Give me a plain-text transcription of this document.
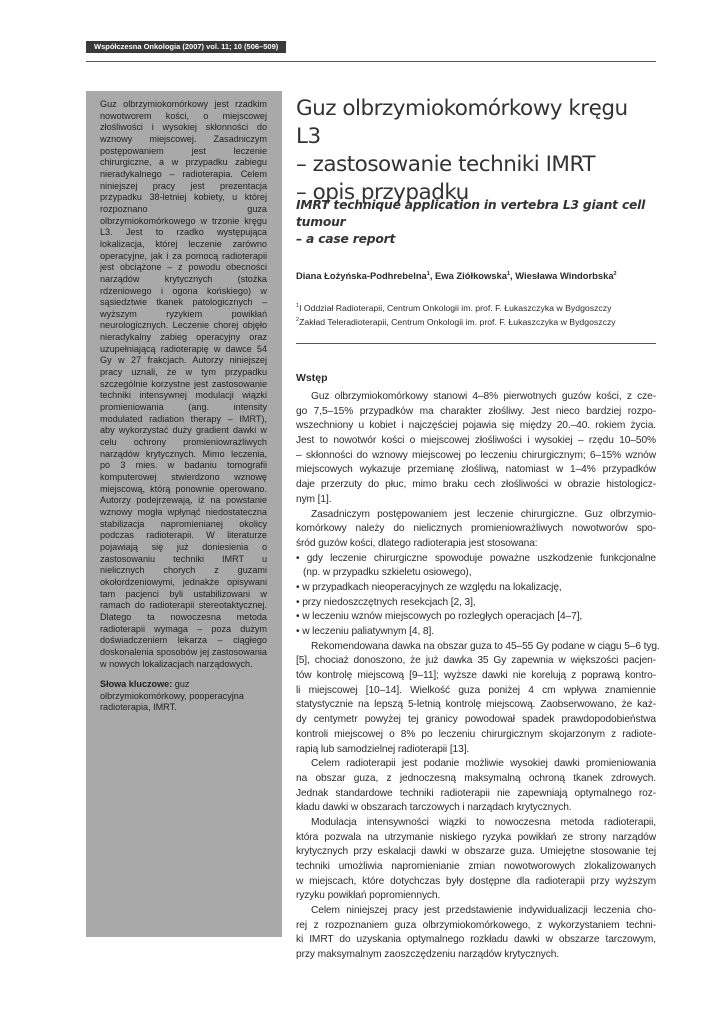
Współczesna Onkologia (2007) vol. 11; 10 (506–509)

Guz olbrzymiokomórkowy jest rzadkim nowotworem kości, o miejscowej złośliwości i wysokiej skłonności do wznowy miejscowej. Zasadniczym postępowaniem jest leczenie chirurgiczne, a w przypadku zabiegu nieradykalnego – radioterapia. Celem niniejszej pracy jest prezentacja przypadku 38-letniej kobiety, u której rozpoznano guza olbrzymiokomórkowego w trzonie kręgu L3. Jest to rzadko występująca lokalizacja, której leczenie zarówno operacyjne, jak i za pomocą radioterapii jest obciążone – z powodu obecności narządów krytycznych (stożka rdzeniowego i ogona końskiego) w sąsiedztwie tkanek patologicznych – wyższym ryzykiem powikłań neurologicznych. Leczenie chorej objęło nieradykalny zabieg operacyjny oraz uzupełniającą radioterapię w dawce 54 Gy w 27 frakcjach. Autorzy niniejszej pracy uznali, że w tym przypadku szczególnie korzystne jest zastosowanie techniki intensywnej modulacji wiązki promieniowania (ang. intensity modulated radiation therapy – IMRT), aby wykorzystać duży gradient dawki w celu ochrony promieniowrażliwych narządów krytycznych. Mimo leczenia, po 3 mies. w badaniu tomografii komputerowej stwierdzono wznowę miejscową, którą ponownie operowano. Autorzy podejrzewają, iż na powstanie wznowy mogła wpłynąć niedostateczna stabilizacja napromienianej okolicy podczas radioterapii. W literaturze pojawiają się już doniesienia o zastosowaniu techniki IMRT u nielicznych chorych z guzami okołordzeniowymi, jednakże opisywani tam pacjenci byli ustabilizowani w ramach do radioterapii stereotaktycznej. Dlatego ta nowoczesna metoda radioterapii wymaga – poza dużym doświadczeniem lekarza – ciągłego doskonalenia sposobów jej zastosowania w nowych lokalizacjach narządowych.

Słowa kluczowe: guz olbrzymiokomórkowy, pooperacyjna radioterapia, IMRT.

Guz olbrzymiokomórkowy kręgu L3
– zastosowanie techniki IMRT
– opis przypadku
IMRT technique application in vertebra L3 giant cell tumour
– a case report

Diana Łożyńska-Podhrebelna$^1$, Ewa Ziółkowska$^1$, Wiesława Windorbska$^2$

$^1$I Oddział Radioterapii, Centrum Onkologii im. prof. F. Łukaszczyka w Bydgoszczy
$^2$Zakład Teleradioterapii, Centrum Onkologii im. prof. F. Łukaszczyka w Bydgoszczy
Wstęp
Guz olbrzymiokomórkowy stanowi 4–8% pierwotnych guzów kości, z cze-
go 7,5–15% przypadków ma charakter złośliwy. Jest nieco bardziej rozpo-
wszechniony u kobiet i najczęściej pojawia się między 20.–40. rokiem życia.
Jest to nowotwór kości o miejscowej złośliwości i wysokiej – rzędu 10–50%
– skłonności do wznowy miejscowej po leczeniu chirurgicznym; 6–15% wznów
miejscowych wykazuje przemianę złośliwą, natomiast w 1–4% przypadków
daje przerzuty do płuc, mimo braku cech złośliwości w obrazie histologicz-
nym [1].
Zasadniczym postępowaniem jest leczenie chirurgiczne. Guz olbrzymio-
komórkowy należy do nielicznych promieniowrażliwych nowotworów spo-
śród guzów kości, dlatego radioterapia jest stosowana:
• gdy leczenie chirurgiczne spowoduje poważne uszkodzenie funkcjonalne
(np. w przypadku szkieletu osiowego),
• w przypadkach nieoperacyjnych ze względu na lokalizację,
• przy niedoszczętnych resekcjach [2, 3],
• w leczeniu wznów miejscowych po rozległych operacjach [4–7],
• w leczeniu paliatywnym [4, 8].
Rekomendowana dawka na obszar guza to 45–55 Gy podane w ciągu 5–6 tyg.
[5], chociaż donoszono, że już dawka 35 Gy zapewnia w większości pacjen-
tów kontrolę miejscową [9–11]; wyższe dawki nie korelują z poprawą kontro-
li miejscowej [10–14]. Wielkość guza poniżej 4 cm wpływa znamiennie
statystycznie na lepszą 5-letnią kontrolę miejscową. Zaobserwowano, że każ-
dy centymetr powyżej tej granicy powodował spadek prawdopodobieństwa
kontroli miejscowej o 8% po leczeniu chirurgicznym skojarzonym z radiote-
rapią lub samodzielnej radioterapii [13].
Celem radioterapii jest podanie możliwie wysokiej dawki promieniowania
na obszar guza, z jednoczesną maksymalną ochroną tkanek zdrowych.
Jednak standardowe techniki radioterapii nie zapewniają optymalnego roz-
kładu dawki w obszarach tarczowych i narządach krytycznych.
Modulacja intensywności wiązki to nowoczesna metoda radioterapii,
która pozwala na utrzymanie niskiego ryzyka powikłań ze strony narządów
krytycznych przy eskalacji dawki w obszarze guza. Umiejętne stosowanie tej
techniki umożliwia napromienianie zmian nowotworowych zlokalizowanych
w miejscach, które dotychczas były dostępne dla radioterapii przy wyższym
ryzyku powikłań popromiennych.
Celem niniejszej pracy jest przedstawienie indywidualizacji leczenia cho-
rej z rozpoznaniem guza olbrzymiokomórkowego, z wykorzystaniem techni-
ki IMRT do uzyskania optymalnego rozkładu dawki w obszarze tarczowym,
przy maksymalnym zaoszczędzeniu narządów krytycznych.
